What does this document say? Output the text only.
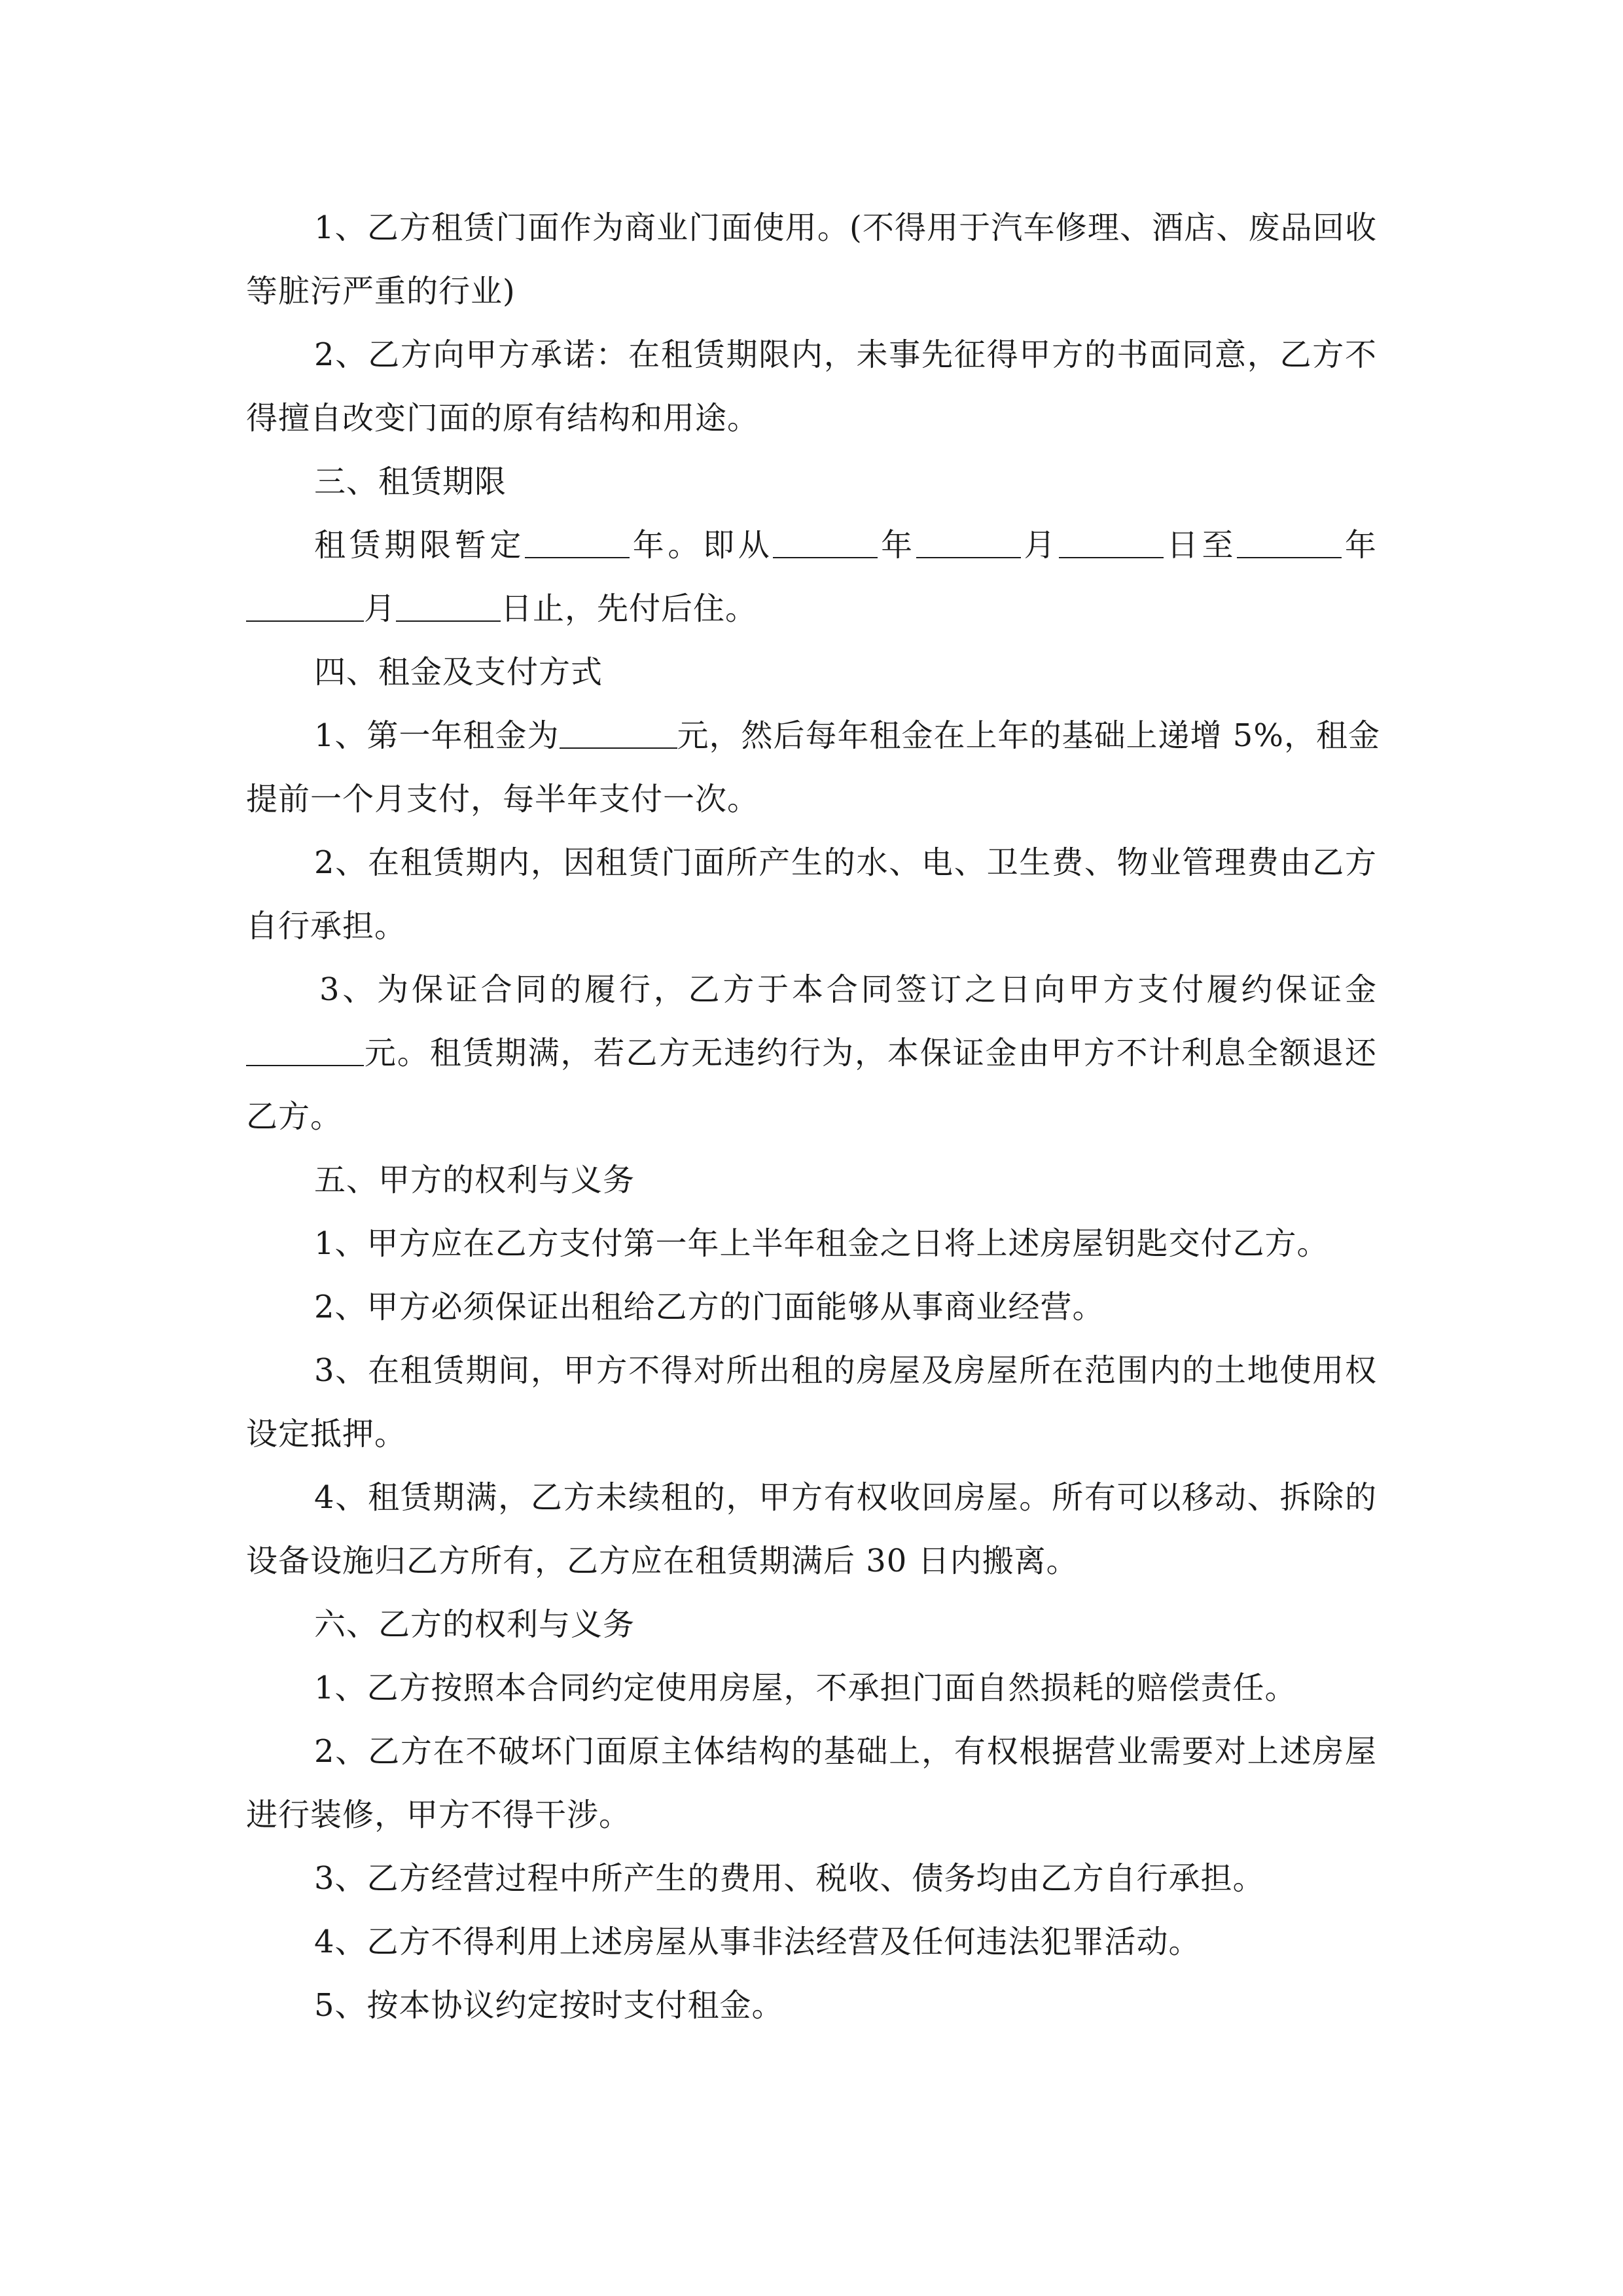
1、乙方租赁门面作为商业门面使用。(不得用于汽车修理、酒店、废品回收
等脏污严重的行业)
2、乙方向甲方承诺：在租赁期限内，未事先征得甲方的书面同意，乙方不
得擅自改变门面的原有结构和用途。
三、租赁期限
租赁期限暂定	年。即从	年	月	日至	年
月	日止，先付后住。
四、租金及支付方式
1、第一年租金为	元，然后每年租金在上年的基础上递增 5%，租金
提前一个月支付，每半年支付一次。
2、在租赁期内，因租赁门面所产生的水、电、卫生费、物业管理费由乙方
自行承担。
3、为保证合同的履行，乙方于本合同签订之日向甲方支付履约保证金
元。租赁期满，若乙方无违约行为，本保证金由甲方不计利息全额退还
乙方。
五、甲方的权利与义务
1、甲方应在乙方支付第一年上半年租金之日将上述房屋钥匙交付乙方。
2、甲方必须保证出租给乙方的门面能够从事商业经营。
3、在租赁期间，甲方不得对所出租的房屋及房屋所在范围内的土地使用权
设定抵押。
4、租赁期满，乙方未续租的，甲方有权收回房屋。所有可以移动、拆除的
设备设施归乙方所有，乙方应在租赁期满后 30 日内搬离。
六、乙方的权利与义务
1、乙方按照本合同约定使用房屋，不承担门面自然损耗的赔偿责任。
2、乙方在不破坏门面原主体结构的基础上，有权根据营业需要对上述房屋
进行装修，甲方不得干涉。
3、乙方经营过程中所产生的费用、税收、债务均由乙方自行承担。
4、乙方不得利用上述房屋从事非法经营及任何违法犯罪活动。
5、按本协议约定按时支付租金。
